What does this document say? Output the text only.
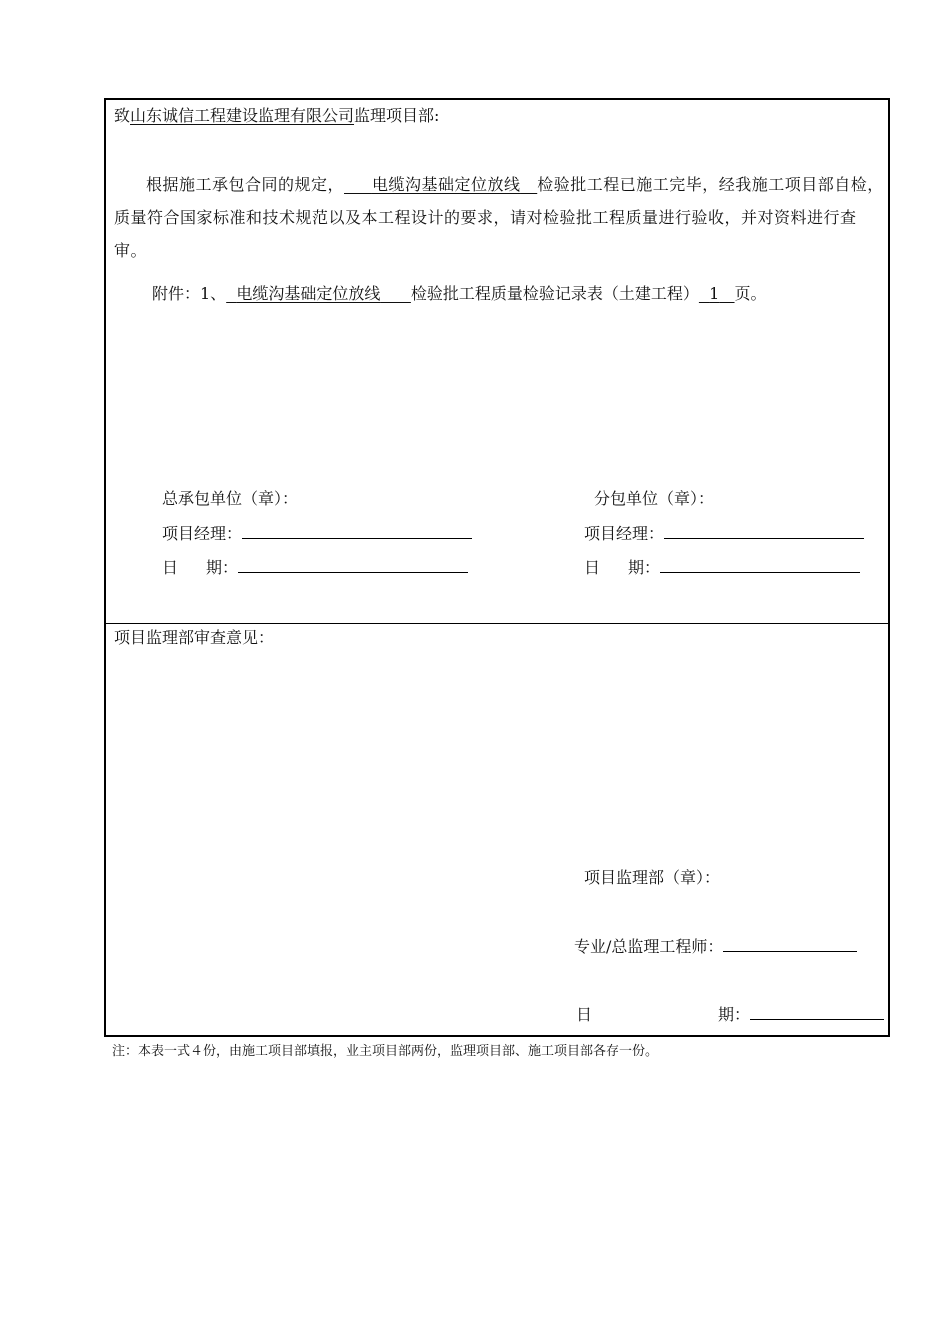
致山东诚信工程建设监理有限公司监理项目部:
根据施工承包合同的规定， 电缆沟基础定位放线 检验批工程已施工完毕，经我施工项目部自检，质量符合国家标准和技术规范以及本工程设计的要求，请对检验批工程质量进行验收，并对资料进行查审。
附件：1、 电缆沟基础定位放线 检验批工程质量检验记录表（土建工程） 1 页。
总承包单位（章）：
项目经理：
日 期：
分包单位（章）：
项目经理：
日 期：
项目监理部审查意见：
项目监理部（章）：
专业/总监理工程师：
日	期：
注：本表一式４份，由施工项目部填报，业主项目部两份，监理项目部、施工项目部各存一份。
